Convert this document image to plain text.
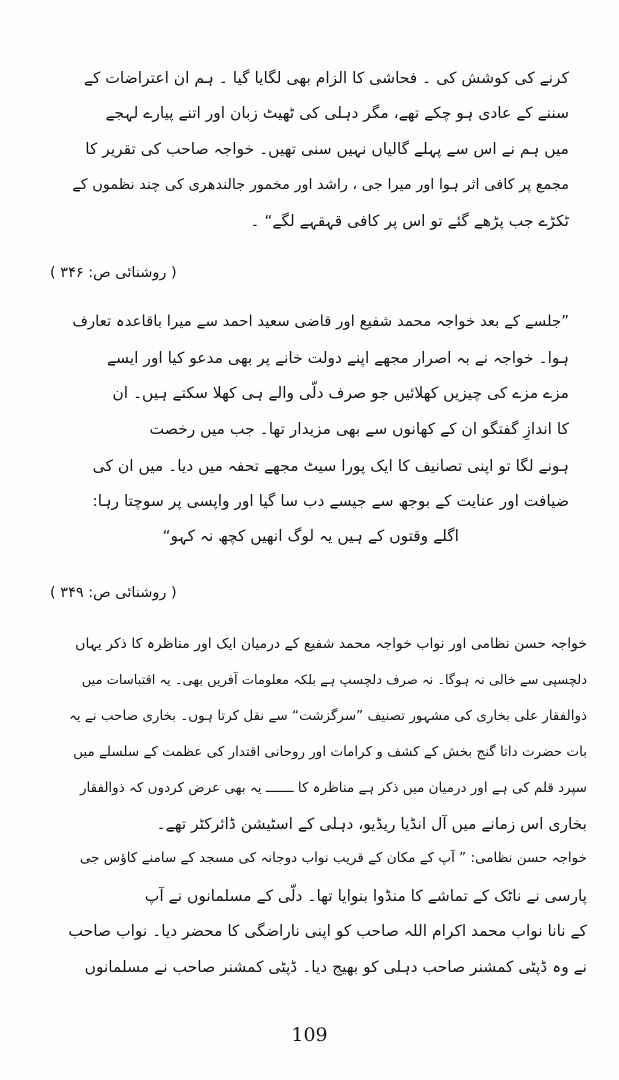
کرنے کی کوشش کی ۔ فحاشی کا الزام بھی لگایا گیا ۔ ہم ان اعتراضات کے
سننے کے عادی ہو چکے تھے، مگر دہلی کی ٹھیٹ زبان اور اتنے پیارے لہجے
میں ہم نے اس سے پہلے گالیاں نہیں سنی تھیں۔ خواجہ صاحب کی تقریر کا
مجمع پر کافی اثر ہوا اور میرا جی ، راشد اور مخمور جالندھری کی چند نظموں کے
ٹکڑے جب پڑھے گئے تو اس پر کافی قہقہے لگے“ ۔
( روشنائی ص: ۳۴۶ )
”جلسے کے بعد خواجہ محمد شفیع اور قاضی سعید احمد سے میرا باقاعدہ تعارف
ہوا۔ خواجہ نے بہ اصرار مجھے اپنے دولت خانے پر بھی مدعو کیا اور ایسے
مزے مزے کی چیزیں کھلائیں جو صرف دلّی والے ہی کھلا سکتے ہیں۔ ان
کا اندازِ گفتگو ان کے کھانوں سے بھی مزیدار تھا۔ جب میں رخصت
ہونے لگا تو اپنی تصانیف کا ایک پورا سیٹ مجھے تحفہ میں دیا۔ میں ان کی
ضیافت اور عنایت کے بوجھ سے جیسے دب سا گیا اور واپسی پر سوچتا رہا:
اگلے وقتوں کے ہیں یہ لوگ انھیں کچھ نہ کہو“
( روشنائی ص: ۳۴۹ )
خواجہ حسن نظامی اور نواب خواجہ محمد شفیع کے درمیان ایک اور مناظرہ کا ذکر یہاں
دلچسپی سے خالی نہ ہوگا۔ نہ صرف دلچسپ ہے بلکہ معلومات آفریں بھی۔ یہ اقتباسات میں
ذوالفقار علی بخاری کی مشہور تصنیف ”سرگزشت“ سے نقل کرتا ہوں۔ بخاری صاحب نے یہ
بات حضرت داتا گنج بخش کے کشف و کرامات اور روحانی اقتدار کی عظمت کے سلسلے میں
سپرد قلم کی ہے اور درمیان میں ذکر ہے مناظرہ کا ـــــــ یہ بھی عرض کردوں کہ ذوالفقار
بخاری اس زمانے میں آل انڈیا ریڈیو، دہلی کے اسٹیشن ڈائرکٹر تھے۔
خواجہ حسن نظامی: ” آپ کے مکان کے قریب نواب دوجانہ کی مسجد کے سامنے کاؤس جی
پارسی نے ناٹک کے تماشے کا منڈوا بنوایا تھا۔ دلّی کے مسلمانوں نے آپ
کے نانا نواب محمد اکرام اللہ صاحب کو اپنی ناراضگی کا محضر دیا۔ نواب صاحب
نے وہ ڈپٹی کمشنر صاحب دہلی کو بھیج دیا۔ ڈپٹی کمشنر صاحب نے مسلمانوں
109
